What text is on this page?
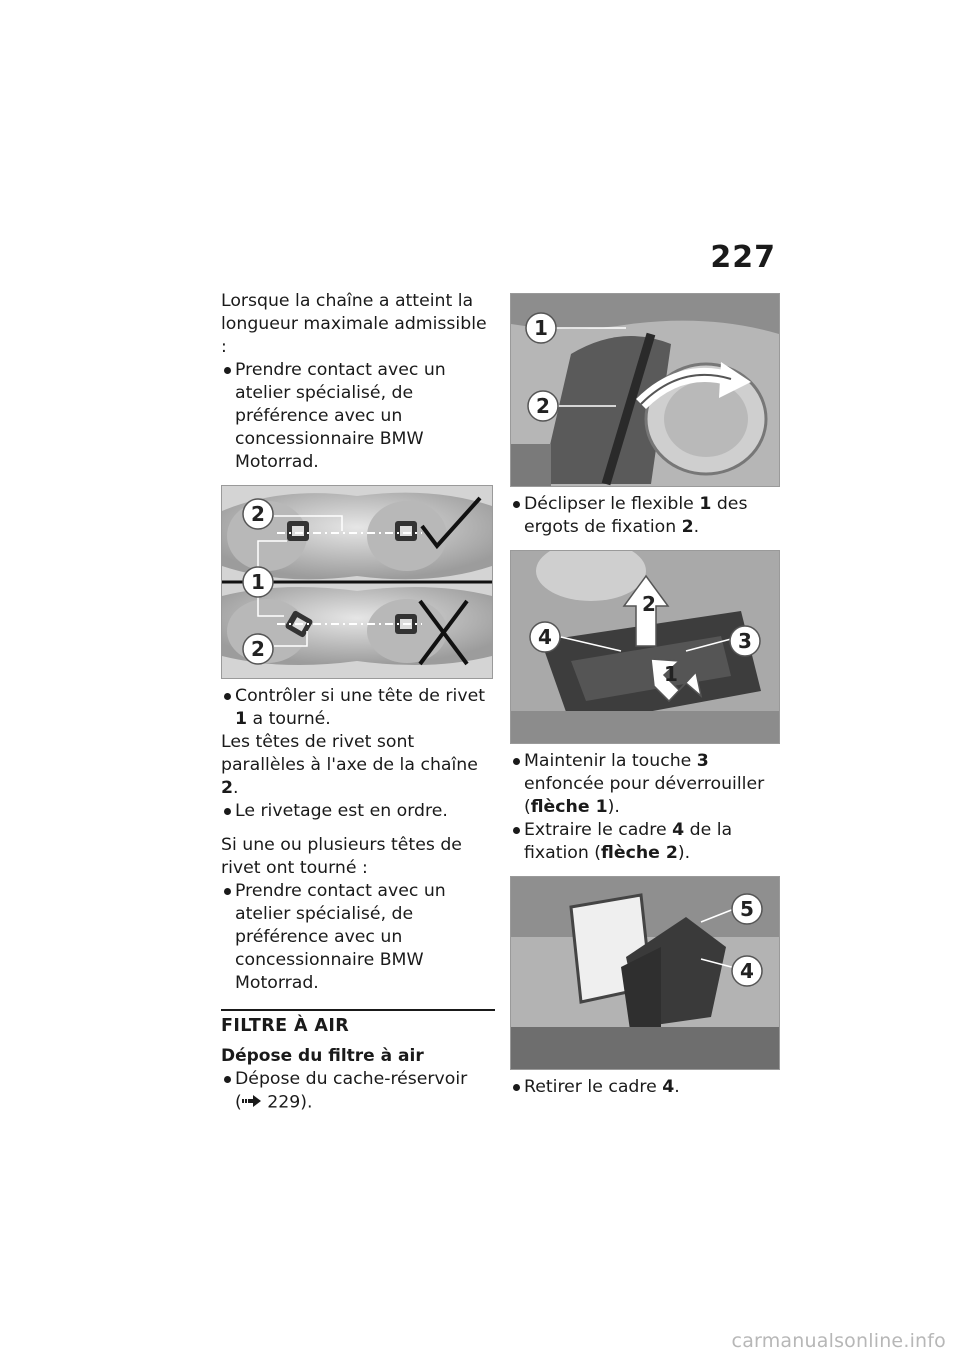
227

Lorsque la chaîne a atteint la longueur maximale admissible :

Prendre contact avec un atelier spécialisé, de préférence avec un concessionnaire BMW Motorrad.

2
1
2

Contrôler si une tête de rivet 1 a tourné.

Les têtes de rivet sont parallèles à l'axe de la chaîne 2.

Le rivetage est en ordre.

Si une ou plusieurs têtes de rivet ont tourné :

Prendre contact avec un atelier spécialisé, de préférence avec un concessionnaire BMW Motorrad.

FILTRE À AIR
Dépose du filtre à air

Dépose du cache-réservoir
( 229).

1
2

Déclipser le flexible 1 des ergots de fixation 2.

4
2
3
1

Maintenir la touche 3 enfoncée pour déverrouiller (flèche 1).

Extraire le cadre 4 de la fixation (flèche 2).

5
4

Retirer le cadre 4.

carmanualsonline.info
